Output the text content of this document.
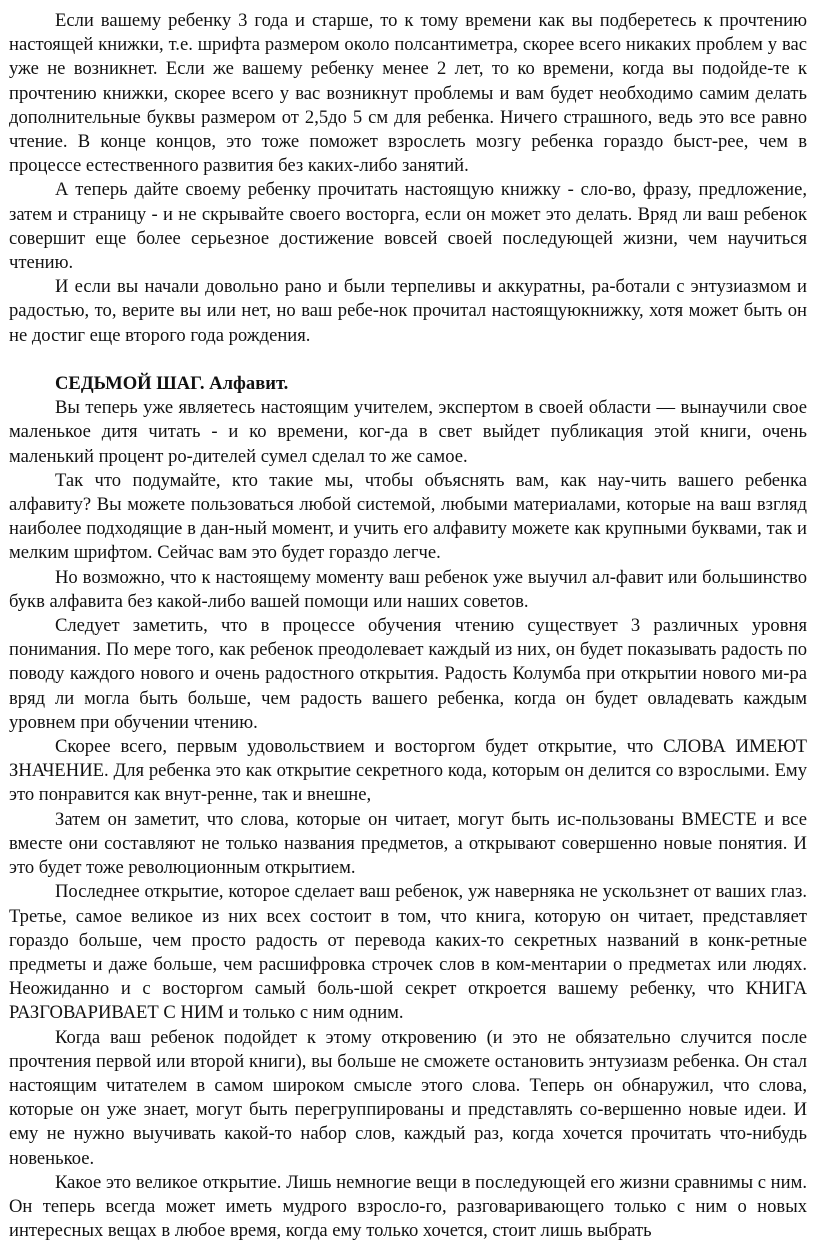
Если вашему ребенку 3 года и старше, то к тому времени как вы подберетесь к прочтению настоящей книжки, т.е. шрифта размером около полсантиметра, скорее всего никаких проблем у вас уже не возникнет. Если же вашему ребенку менее 2 лет, то ко времени, когда вы подойде-те к прочтению книжки, скорее всего у вас возникнут проблемы и вам будет необходимо самим делать дополнительные буквы размером от 2,5до 5 см для ребенка. Ничего страшного, ведь это все равно чтение. В конце концов, это тоже поможет взрослеть мозгу ребенка гораздо быст-рее, чем в процессе естественного развития без каких-либо занятий.

А теперь дайте своему ребенку прочитать настоящую книжку - сло-во, фразу, предложение, затем и страницу - и не скрывайте своего восторга, если он может это делать. Вряд ли ваш ребенок совершит еще более серьезное достижение вовсей своей последующей жизни, чем научиться чтению.

И если вы начали довольно рано и были терпеливы и аккуратны, ра-ботали с энтузиазмом и радостью, то, верите вы или нет, но ваш ребе-нок прочитал настоящуюкнижку, хотя может быть он не достиг еще второго года рождения.

СЕДЬМОЙ ШАГ. Алфавит.

Вы теперь уже являетесь настоящим учителем, экспертом в своей области — вынаучили свое маленькое дитя читать - и ко времени, ког-да в свет выйдет публикация этой книги, очень маленький процент ро-дителей сумел сделал то же самое.

Так что подумайте, кто такие мы, чтобы объяснять вам, как нау-чить вашего ребенка алфавиту? Вы можете пользоваться любой системой, любыми материалами, которые на ваш взгляд наиболее подходящие в дан-ный момент, и учить его алфавиту можете как крупными буквами, так и мелким шрифтом. Сейчас вам это будет гораздо легче.

Но возможно, что к настоящему моменту ваш ребенок уже выучил ал-фавит или большинство букв алфавита без какой-либо вашей помощи или наших советов.

Следует заметить, что в процессе обучения чтению существует 3 различных уровня понимания. По мере того, как ребенок преодолевает каждый из них, он будет показывать радость по поводу каждого нового и очень радостного открытия. Радость Колумба при открытии нового ми-ра вряд ли могла быть больше, чем радость вашего ребенка, когда он будет овладевать каждым уровнем при обучении чтению.

Скорее всего, первым удовольствием и восторгом будет открытие, что СЛОВА ИМЕЮТ ЗНАЧЕНИЕ. Для ребенка это как открытие секретного кода, которым он делится со взрослыми. Ему это понравится как внут-ренне, так и внешне,

Затем он заметит, что слова, которые он читает, могут быть ис-пользованы ВМЕСТЕ и все вместе они составляют не только названия предметов, а открывают совершенно новые понятия. И это будет тоже революционным открытием.

Последнее открытие, которое сделает ваш ребенок, уж наверняка не ускользнет от ваших глаз. Третье, самое великое из них всех состоит в том, что книга, которую он читает, представляет гораздо больше, чем просто радость от перевода каких-то секретных названий в конк-ретные предметы и даже больше, чем расшифровка строчек слов в ком-ментарии о предметах или людях. Неожиданно и с восторгом самый боль-шой секрет откроется вашему ребенку, что КНИГА РАЗГОВАРИВАЕТ С НИМ и только с ним одним.

Когда ваш ребенок подойдет к этому откровению (и это не обязательно случится после прочтения первой или второй книги), вы больше не сможете остановить энтузиазм ребенка. Он стал настоящим читателем в самом широком смысле этого слова. Теперь он обнаружил, что слова, которые он уже знает, могут быть перегруппированы и представлять со-вершенно новые идеи. И ему не нужно выучивать какой-то набор слов, каждый раз, когда хочется прочитать что-нибудь новенькое.

Какое это великое открытие. Лишь немногие вещи в последующей его жизни сравнимы с ним. Он теперь всегда может иметь мудрого взросло-го, разговаривающего только с ним о новых интересных вещах в любое время, когда ему только хочется, стоит лишь выбрать
